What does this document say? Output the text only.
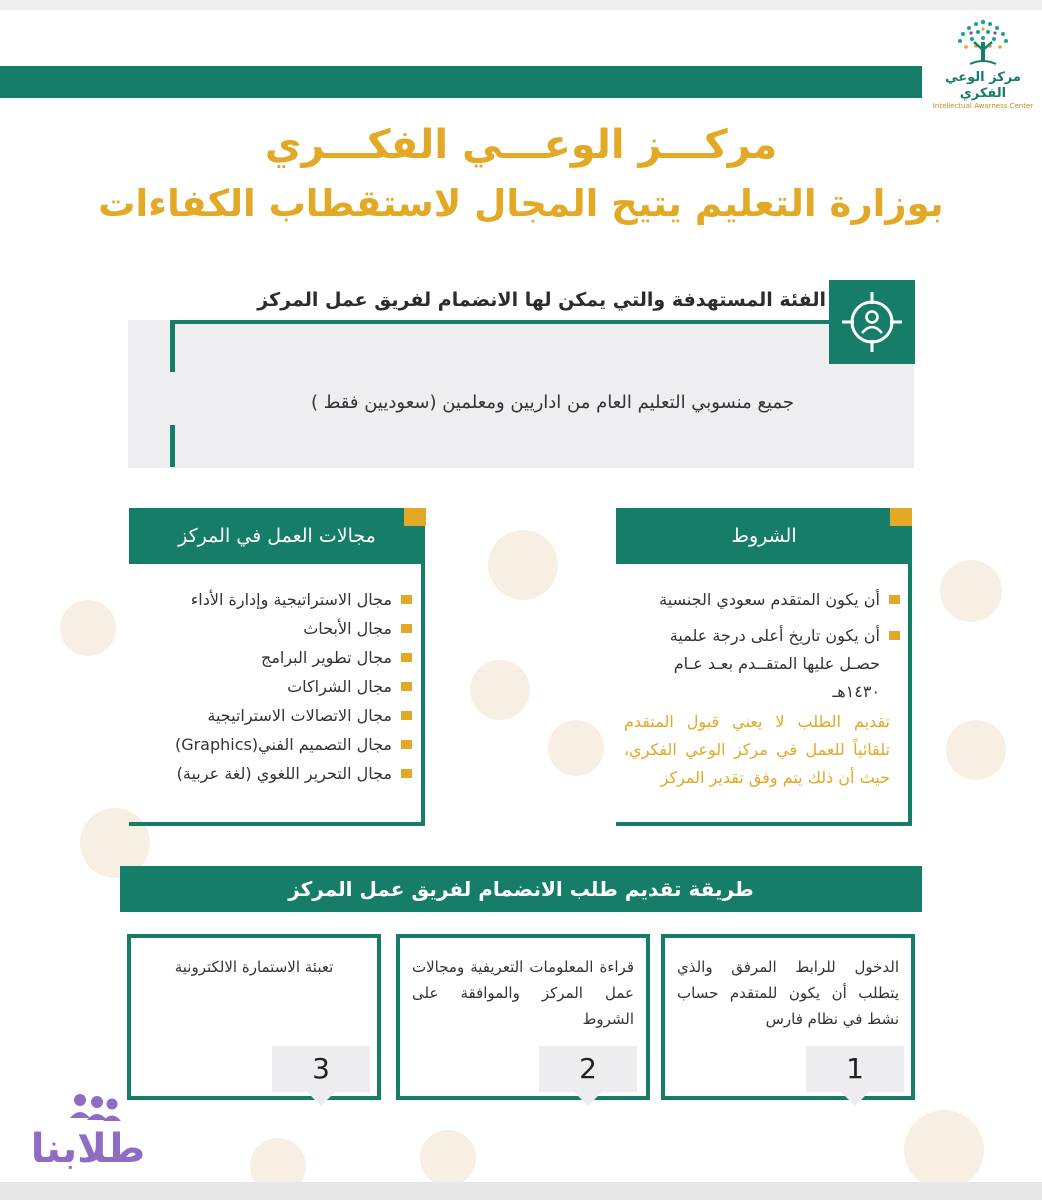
مركز الوعي الفكري
Intellectual Awarness Center
مركـــز الوعـــي الفكـــري
بوزارة التعليم يتيح المجال لاستقطاب الكفاءات
الفئة المستهدفة والتي يمكن لها الانضمام لفريق عمل المركز
جميع منسوبي التعليم العام من اداريين ومعلمين (سعوديين فقط )
الشروط
أن يكون المتقدم سعودي الجنسية
أن يكون تاريخ أعلى درجة علمية حصـل عليها المتقــدم بعـد عـام ١٤٣٠هـ
تقديم الطلب لا يعني قبول المتقدم تلقائياً للعمل في مركز الوعي الفكري، حيث أن ذلك يتم وفق تقدير المركز
مجالات العمل في المركز
مجال الاستراتيجية وإدارة الأداء
مجال الأبحاث
مجال تطوير البرامج
مجال الشراكات
مجال الاتصالات الاستراتيجية
مجال التصميم الفني(Graphics)
مجال التحرير اللغوي (لغة عربية)
طريقة تقديم طلب الانضمام لفريق عمل المركز
الدخول للرابط المرفق والذي يتطلب أن يكون للمتقدم حساب نشط في نظام فارس
1
قراءة المعلومات التعريفية ومجالات عمل المركز والموافقة على الشروط
2
تعبئة الاستمارة الالكترونية
3
طلابنا
